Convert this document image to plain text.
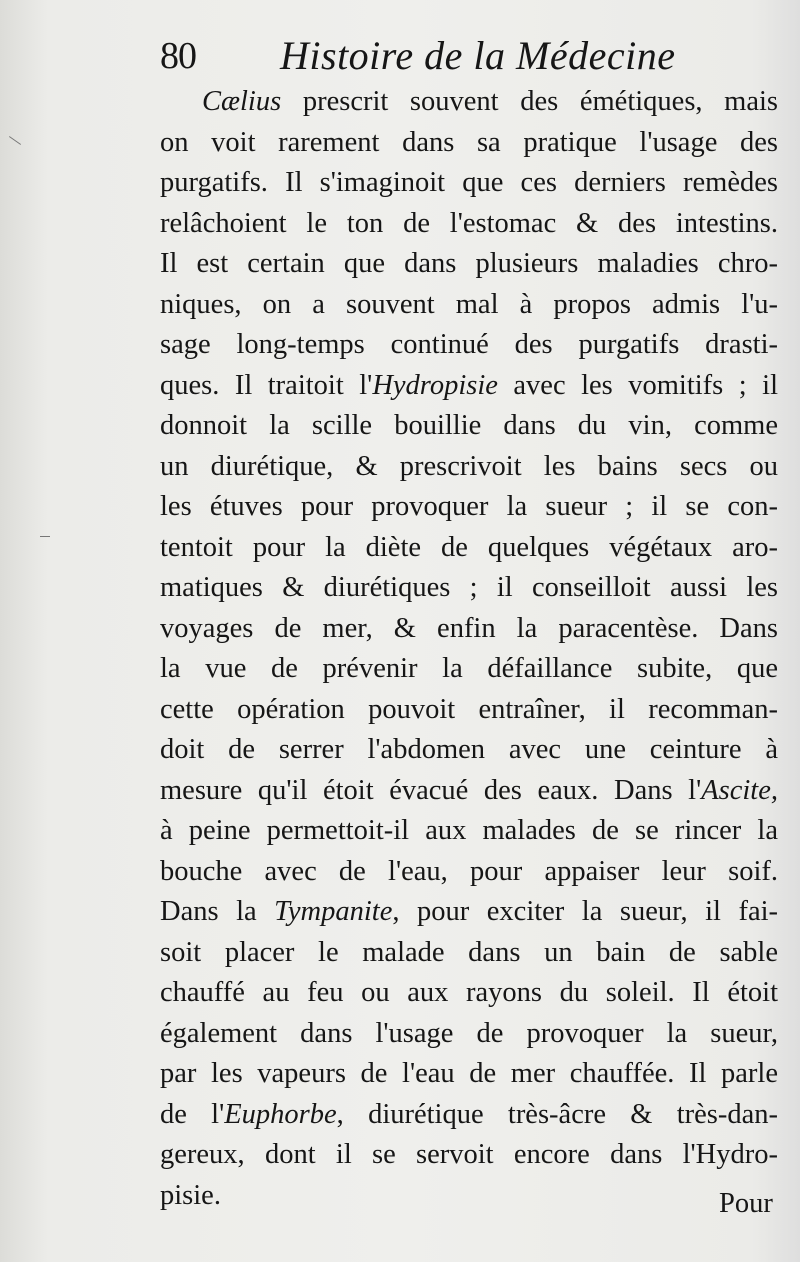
80 Histoire de la Médecine
Cælius prescrit souvent des émétiques, mais
on voit rarement dans sa pratique l'usage des
purgatifs. Il s'imaginoit que ces derniers remèdes
relâchoient le ton de l'estomac & des intestins.
Il est certain que dans plusieurs maladies chro-
niques, on a souvent mal à propos admis l'u-
sage long-temps continué des purgatifs drasti-
ques. Il traitoit l'Hydropisie avec les vomitifs ; il
donnoit la scille bouillie dans du vin, comme
un diurétique, & prescrivoit les bains secs ou
les étuves pour provoquer la sueur ; il se con-
tentoit pour la diète de quelques végétaux aro-
matiques & diurétiques ; il conseilloit aussi les
voyages de mer, & enfin la paracentèse. Dans
la vue de prévenir la défaillance subite, que
cette opération pouvoit entraîner, il recomman-
doit de serrer l'abdomen avec une ceinture à
mesure qu'il étoit évacué des eaux. Dans l'Ascite,
à peine permettoit-il aux malades de se rincer la
bouche avec de l'eau, pour appaiser leur soif.
Dans la Tympanite, pour exciter la sueur, il fai-
soit placer le malade dans un bain de sable
chauffé au feu ou aux rayons du soleil. Il étoit
également dans l'usage de provoquer la sueur,
par les vapeurs de l'eau de mer chauffée. Il parle
de l'Euphorbe, diurétique très-âcre & très-dan-
gereux, dont il se servoit encore dans l'Hydro-
pisie.	Pour
